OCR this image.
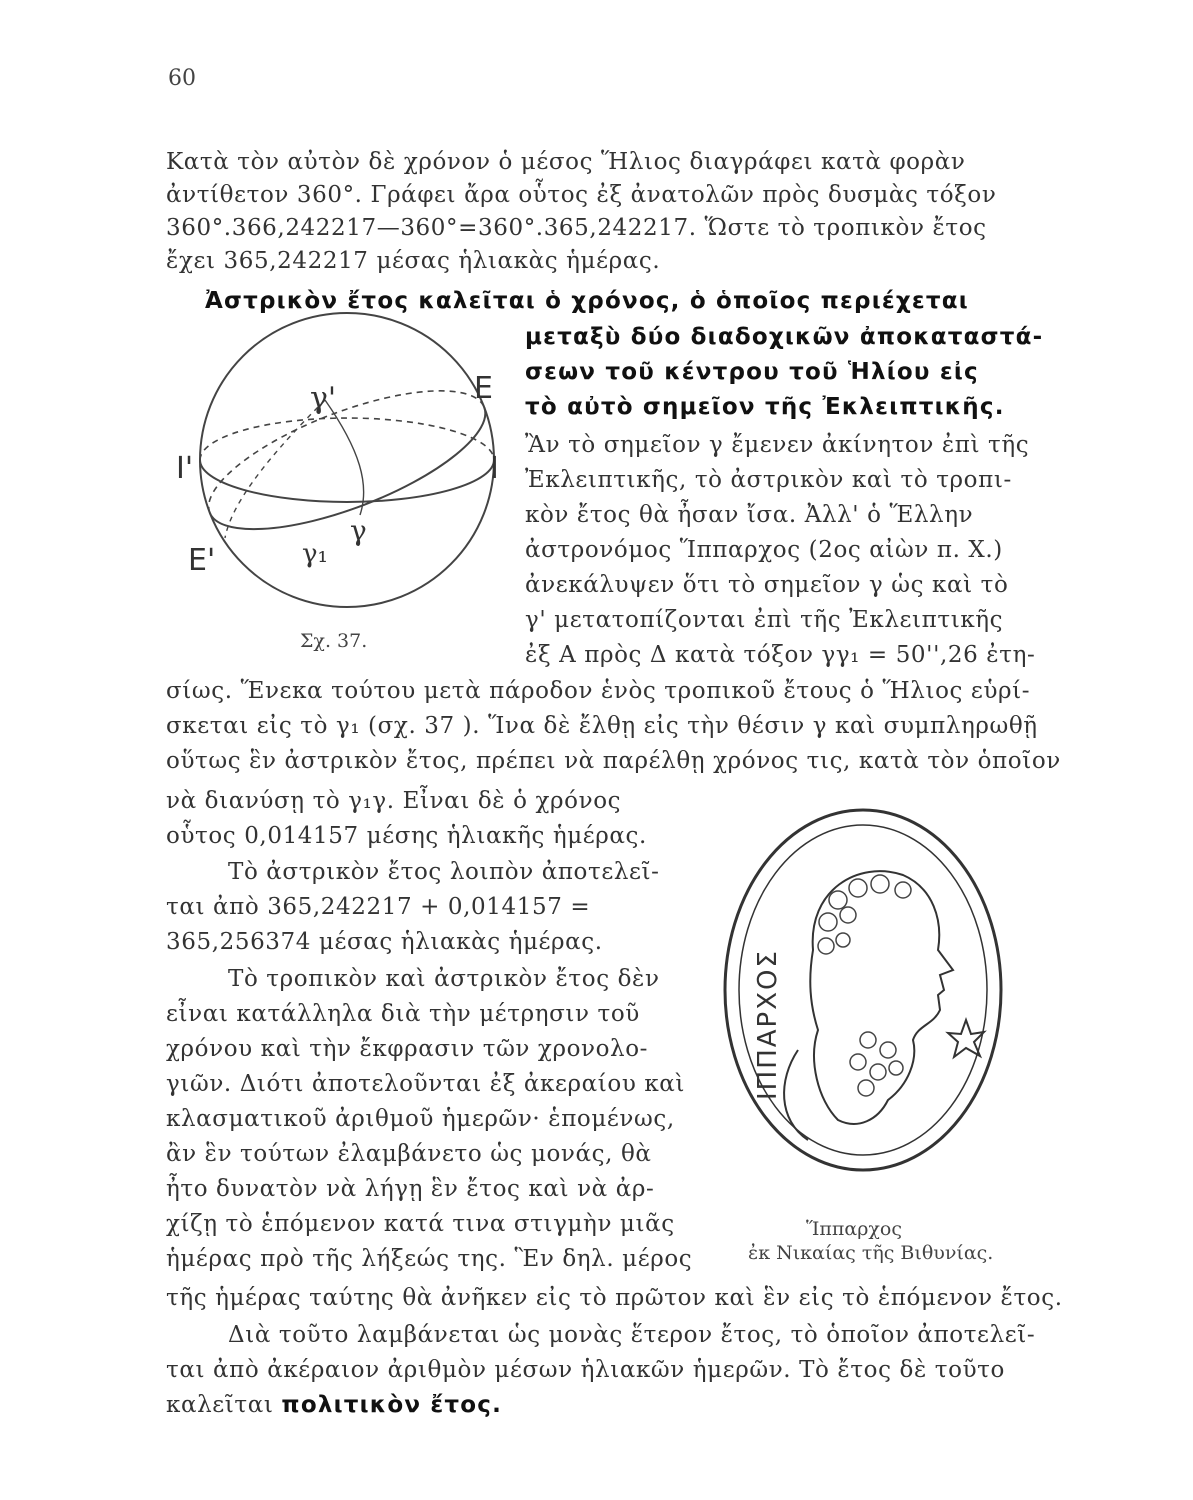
60
Κατὰ τὸν αὐτὸν δὲ χρόνον ὁ μέσος Ἥλιος διαγράφει κατὰ φορὰν
ἀντίθετον 360°. Γράφει ἄρα οὗτος ἐξ ἀνατολῶν πρὸς δυσμὰς τόξον
360°.366,242217—360°=360°.365,242217. Ὥστε τὸ τροπικὸν ἔτος
ἔχει 365,242217 μέσας ἡλιακὰς ἡμέρας.
Ἀστρικὸν ἔτος καλεῖται ὁ χρόνος, ὁ ὁποῖος περιέχεται
μεταξὺ δύο διαδοχικῶν ἀποκαταστά-
σεων τοῦ κέντρου τοῦ Ἡλίου εἰς
τὸ αὐτὸ σημεῖον τῆς Ἐκλειπτικῆς.
γ'	E
I'	I
γ
γ₁
E'
Σχ. 37.
Ἂν τὸ σημεῖον γ ἔμενεν ἀκίνητον ἐπὶ τῆς
Ἐκλειπτικῆς, τὸ ἀστρικὸν καὶ τὸ τροπι-
κὸν ἔτος θὰ ἦσαν ἴσα. Ἀλλ' ὁ Ἕλλην
ἀστρονόμος Ἵππαρχος (2ος αἰὼν π. Χ.)
ἀνεκάλυψεν ὅτι τὸ σημεῖον γ ὡς καὶ τὸ
γ' μετατοπίζονται ἐπὶ τῆς Ἐκλειπτικῆς
ἐξ Α πρὸς Δ κατὰ τόξον γγ₁ = 50'',26 ἐτη-
σίως. Ἕνεκα τούτου μετὰ πάροδον ἑνὸς τροπικοῦ ἔτους ὁ Ἥλιος εὑρί-
σκεται εἰς τὸ γ₁ (σχ. 37 ). Ἵνα δὲ ἔλθῃ εἰς τὴν θέσιν γ καὶ συμπληρωθῇ
οὕτως ἓν ἀστρικὸν ἔτος, πρέπει νὰ παρέλθῃ χρόνος τις, κατὰ τὸν ὁποῖον
νὰ διανύσῃ τὸ γ₁γ. Εἶναι δὲ ὁ χρόνος
οὗτος 0,014157 μέσης ἡλιακῆς ἡμέρας.
Τὸ ἀστρικὸν ἔτος λοιπὸν ἀποτελεῖ-
ται ἀπὸ 365,242217 + 0,014157 =
365,256374 μέσας ἡλιακὰς ἡμέρας.
Τὸ τροπικὸν καὶ ἀστρικὸν ἔτος δὲν
εἶναι κατάλληλα διὰ τὴν μέτρησιν τοῦ
χρόνου καὶ τὴν ἔκφρασιν τῶν χρονολο-
γιῶν. Διότι ἀποτελοῦνται ἐξ ἀκεραίου καὶ
κλασματικοῦ ἀριθμοῦ ἡμερῶν· ἑπομένως,
ἂν ἓν τούτων ἐλαμβάνετο ὡς μονάς, θὰ
ἦτο δυνατὸν νὰ λήγῃ ἓν ἔτος καὶ νὰ ἀρ-
χίζῃ τὸ ἑπόμενον κατά τινα στιγμὴν μιᾶς
ἡμέρας πρὸ τῆς λήξεώς της. Ἓν δηλ. μέρος
ΙΠΠΑΡΧΟΣ
Ἵππαρχος
ἐκ Νικαίας τῆς Βιθυνίας.
τῆς ἡμέρας ταύτης θὰ ἀνῆκεν εἰς τὸ πρῶτον καὶ ἓν εἰς τὸ ἑπόμενον ἔτος.
Διὰ τοῦτο λαμβάνεται ὡς μονὰς ἕτερον ἔτος, τὸ ὁποῖον ἀποτελεῖ-
ται ἀπὸ ἀκέραιον ἀριθμὸν μέσων ἡλιακῶν ἡμερῶν. Τὸ ἔτος δὲ τοῦτο
καλεῖται πολιτικὸν ἔτος.
